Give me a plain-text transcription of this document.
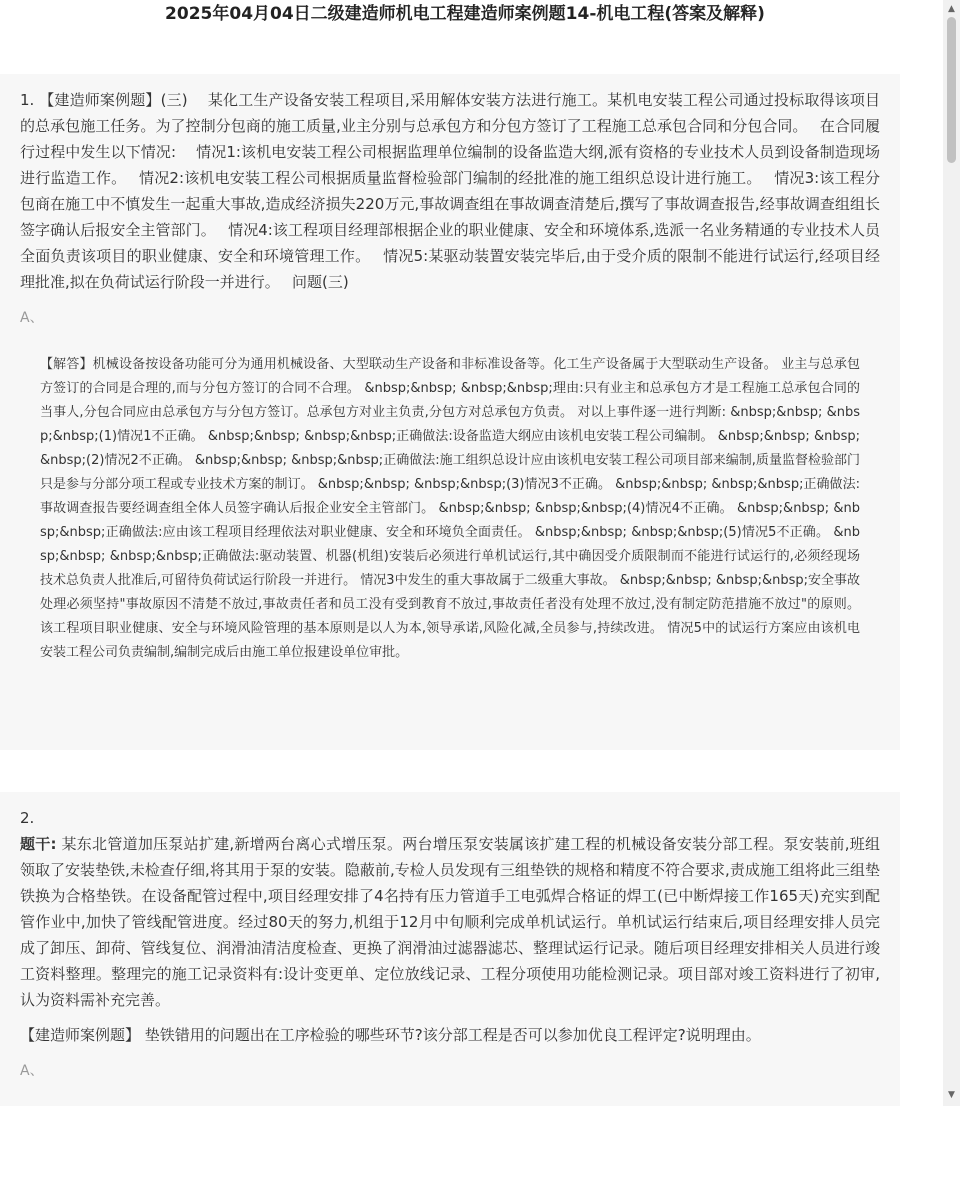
2025年04月04日二级建造师机电工程建造师案例题14-机电工程(答案及解释)

1. 【建造师案例题】(三)　 某化工生产设备安装工程项目,采用解体安装方法进行施工。某机电安装工程公司通过投标取得该项目的总承包施工任务。为了控制分包商的施工质量,业主分别与总承包方和分包方签订了工程施工总承包合同和分包合同。　 在合同履行过程中发生以下情况:　 情况1:该机电安装工程公司根据监理单位编制的设备监造大纲,派有资格的专业技术人员到设备制造现场进行监造工作。　 情况2:该机电安装工程公司根据质量监督检验部门编制的经批准的施工组织总设计进行施工。　 情况3:该工程分包商在施工中不慎发生一起重大事故,造成经济损失220万元,事故调查组在事故调查清楚后,撰写了事故调查报告,经事故调查组组长签字确认后报安全主管部门。　 情况4:该工程项目经理部根据企业的职业健康、安全和环境体系,选派一名业务精通的专业技术人员全面负责该项目的职业健康、安全和环境管理工作。　 情况5:某驱动装置安装完毕后,由于受介质的限制不能进行试运行,经项目经理批准,拟在负荷试运行阶段一并进行。　 问题(三)

A、
【解答】机械设备按设备功能可分为通用机械设备、大型联动生产设备和非标准设备等。化工生产设备属于大型联动生产设备。 业主与总承包方签订的合同是合理的,而与分包方签订的合同不合理。 &nbsp;&nbsp; &nbsp;&nbsp;理由:只有业主和总承包方才是工程施工总承包合同的当事人,分包合同应由总承包方与分包方签订。总承包方对业主负责,分包方对总承包方负责。 对以上事件逐一进行判断: &nbsp;&nbsp; &nbsp;&nbsp;(1)情况1不正确。 &nbsp;&nbsp; &nbsp;&nbsp;正确做法:设备监造大纲应由该机电安装工程公司编制。 &nbsp;&nbsp; &nbsp;&nbsp;(2)情况2不正确。 &nbsp;&nbsp; &nbsp;&nbsp;正确做法:施工组织总设计应由该机电安装工程公司项目部来编制,质量监督检验部门只是参与分部分项工程或专业技术方案的制订。 &nbsp;&nbsp; &nbsp;&nbsp;(3)情况3不正确。 &nbsp;&nbsp; &nbsp;&nbsp;正确做法:事故调查报告要经调查组全体人员签字确认后报企业安全主管部门。 &nbsp;&nbsp; &nbsp;&nbsp;(4)情况4不正确。 &nbsp;&nbsp; &nbsp;&nbsp;正确做法:应由该工程项目经理依法对职业健康、安全和环境负全面责任。 &nbsp;&nbsp; &nbsp;&nbsp;(5)情况5不正确。 &nbsp;&nbsp; &nbsp;&nbsp;正确做法:驱动装置、机器(机组)安装后必须进行单机试运行,其中确因受介质限制而不能进行试运行的,必须经现场技术总负责人批准后,可留待负荷试运行阶段一并进行。 情况3中发生的重大事故属于二级重大事故。 &nbsp;&nbsp; &nbsp;&nbsp;安全事故处理必须坚持"事故原因不清楚不放过,事故责任者和员工没有受到教育不放过,事故责任者没有处理不放过,没有制定防范措施不放过"的原则。 该工程项目职业健康、安全与环境风险管理的基本原则是以人为本,领导承诺,风险化减,全员参与,持续改进。 情况5中的试运行方案应由该机电安装工程公司负责编制,编制完成后由施工单位报建设单位审批。
2.

题干: 某东北管道加压泵站扩建,新增两台离心式增压泵。两台增压泵安装属该扩建工程的机械设备安装分部工程。泵安装前,班组领取了安装垫铁,未检查仔细,将其用于泵的安装。隐蔽前,专检人员发现有三组垫铁的规格和精度不符合要求,责成施工组将此三组垫铁换为合格垫铁。在设备配管过程中,项目经理安排了4名持有压力管道手工电弧焊合格证的焊工(已中断焊接工作165天)充实到配管作业中,加快了管线配管进度。经过80天的努力,机组于12月中旬顺利完成单机试运行。单机试运行结束后,项目经理安排人员完成了卸压、卸荷、管线复位、润滑油清洁度检查、更换了润滑油过滤器滤芯、整理试运行记录。随后项目经理安排相关人员进行竣工资料整理。整理完的施工记录资料有:设计变更单、定位放线记录、工程分项使用功能检测记录。项目部对竣工资料进行了初审,认为资料需补充完善。

【建造师案例题】 垫铁错用的问题出在工序检验的哪些环节?该分部工程是否可以参加优良工程评定?说明理由。
A、
▲
▼
